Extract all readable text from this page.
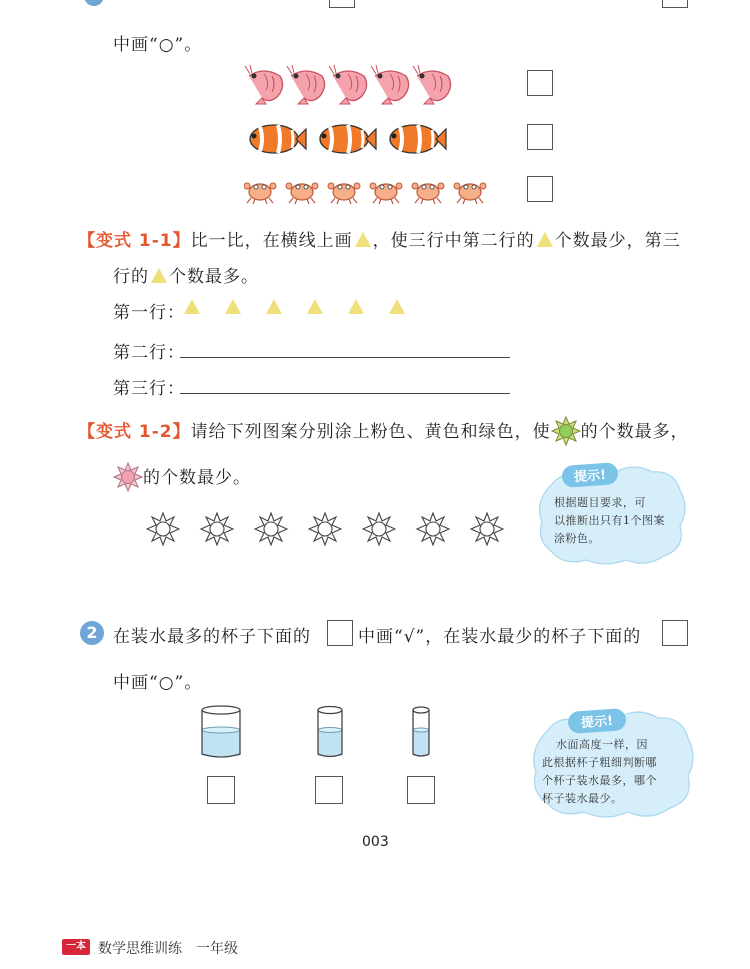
中画“○”。
【变式 1-1】比一比，在横线上画 ，使三行中第二行的 个数最少，第三
行的 个数最多。
第一行：

第二行：
第三行：
【变式 1-2】请给下列图案分别涂上粉色、黄色和绿色，使 的个数最多，
的个数最少。	提示!
根据题目要求，可
以推断出只有1个图案
涂粉色。
2 在装水最多的杯子下面的	中画“√”，在装水最少的杯子下面的
中画“○”。
提示!
水面高度一样，因
此根据杯子粗细判断哪
个杯子装水最多，哪个
杯子装水最少。
003
一本 数学思维训练　一年级
